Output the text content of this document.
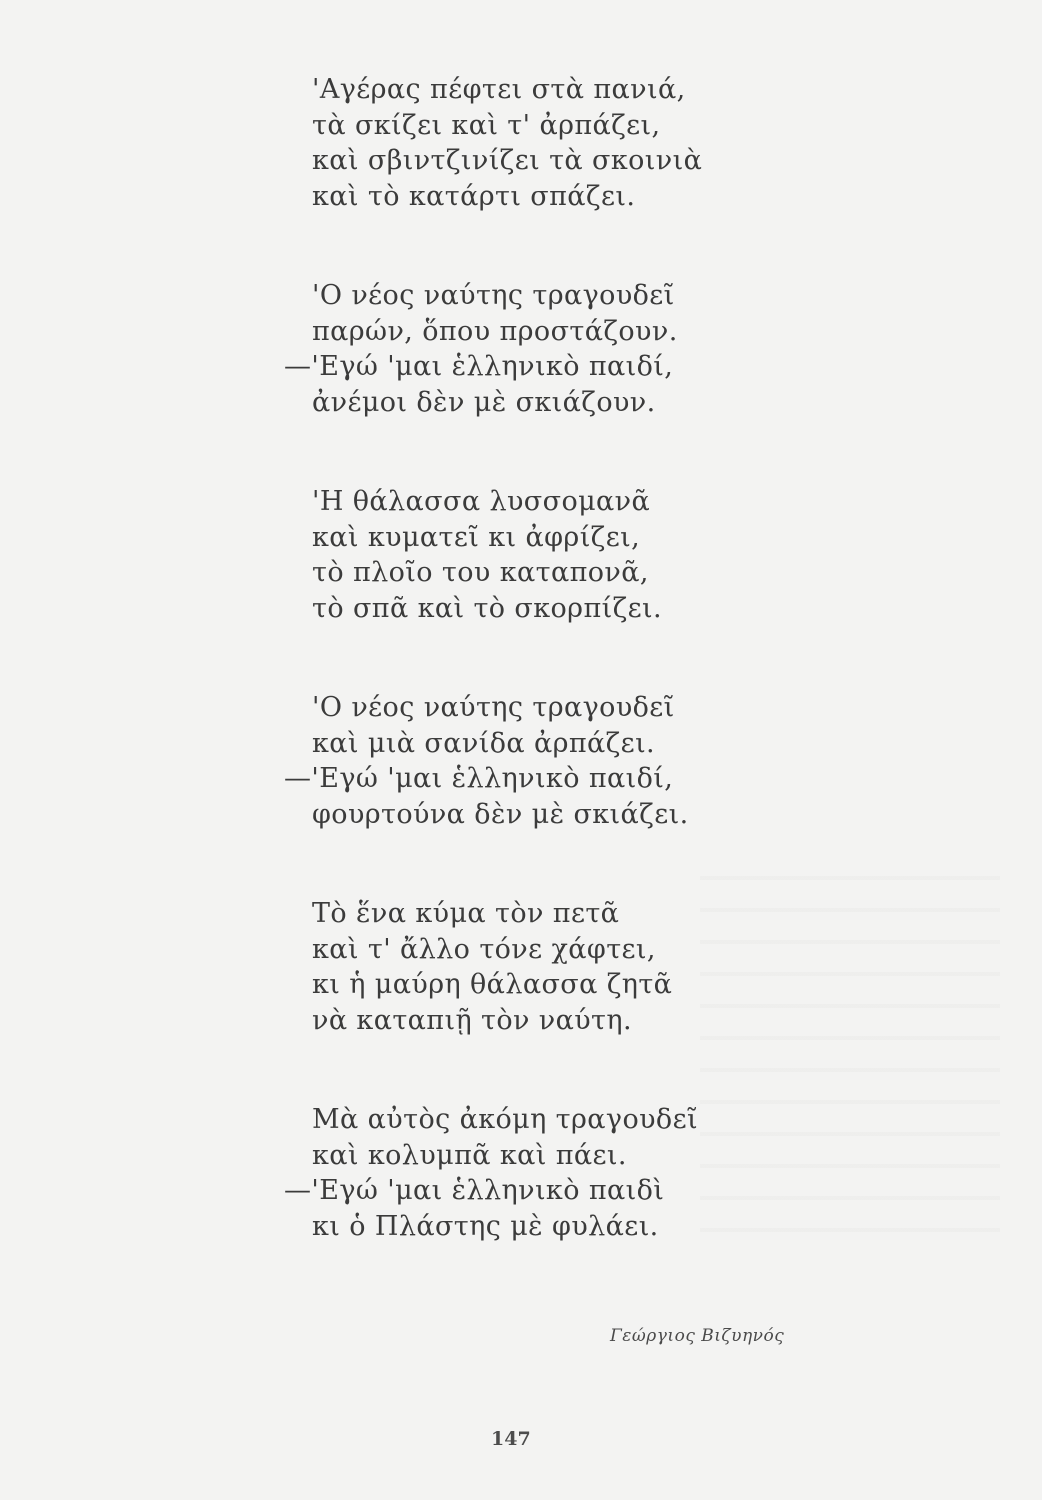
'Αγέρας πέφτει στὰ πανιά,
τὰ σκίζει καὶ τ' ἀρπάζει,
καὶ σβιντζινίζει τὰ σκοινιὰ
καὶ τὸ κατάρτι σπάζει.
'Ο νέος ναύτης τραγουδεῖ
παρών, ὅπου προστάζουν.
—'Εγώ 'μαι ἑλληνικὸ παιδί,
ἀνέμοι δὲν μὲ σκιάζουν.
'Η θάλασσα λυσσομανᾶ
καὶ κυματεῖ κι ἀφρίζει,
τὸ πλοῖο του καταπονᾶ,
τὸ σπᾶ καὶ τὸ σκορπίζει.
'Ο νέος ναύτης τραγουδεῖ
καὶ μιὰ σανίδα ἀρπάζει.
—'Εγώ 'μαι ἑλληνικὸ παιδί,
φουρτούνα δὲν μὲ σκιάζει.
Τὸ ἕνα κύμα τὸν πετᾶ
καὶ τ' ἄλλο τόνε χάφτει,
κι ἡ μαύρη θάλασσα ζητᾶ
νὰ καταπιῇ τὸν ναύτη.
Μὰ αὐτὸς ἀκόμη τραγουδεῖ
καὶ κολυμπᾶ καὶ πάει.
—'Εγώ 'μαι ἑλληνικὸ παιδὶ
κι ὁ Πλάστης μὲ φυλάει.
Γεώργιος Βιζυηνός
147
